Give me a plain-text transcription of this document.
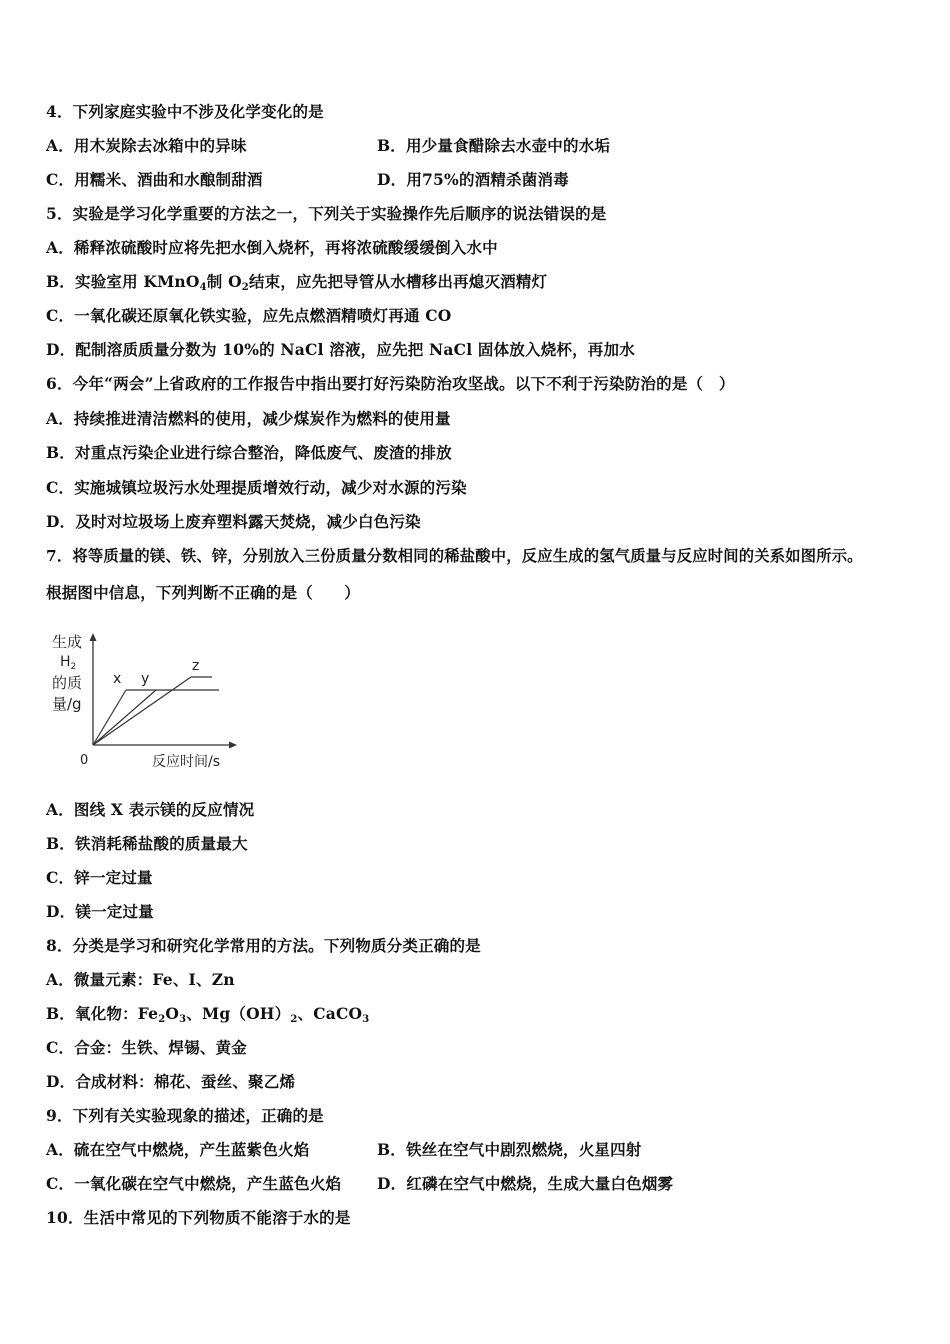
4．下列家庭实验中不涉及化学变化的是
A．用木炭除去冰箱中的异味	B．用少量食醋除去水壶中的水垢
C．用糯米、酒曲和水酿制甜酒	D．用75%的酒精杀菌消毒
5．实验是学习化学重要的方法之一，下列关于实验操作先后顺序的说法错误的是
A．稀释浓硫酸时应将先把水倒入烧杯，再将浓硫酸缓缓倒入水中
B．实验室用 KMnO$_4$制 $O_2$结束，应先把导管从水槽移出再熄灭酒精灯
C．一氧化碳还原氧化铁实验，应先点燃酒精喷灯再通 CO
D．配制溶质质量分数为 10%的 NaCl 溶液，应先把 NaCl 固体放入烧杯，再加水
6．今年“两会”上省政府的工作报告中指出要打好污染防治攻坚战。以下不利于污染防治的是（　）
A．持续推进清洁燃料的使用，减少煤炭作为燃料的使用量
B．对重点污染企业进行综合整治，降低废气、废渣的排放
C．实施城镇垃圾污水处理提质增效行动，减少对水源的污染
D．及时对垃圾场上废弃塑料露天焚烧，减少白色污染
7．将等质量的镁、铁、锌，分别放入三份质量分数相同的稀盐酸中，反应生成的氢气质量与反应时间的关系如图所示。
根据图中信息，下列判断不正确的是（　　）
生成
$H_2$
的质
量/g
x y
z
0	反应时间/s
A．图线 X 表示镁的反应情况
B．铁消耗稀盐酸的质量最大
C．锌一定过量
D．镁一定过量
8．分类是学习和研究化学常用的方法。下列物质分类正确的是
A．微量元素：Fe、I、Zn
B．氧化物：$Fe_2O_3$、$Mg(OH)_2$、CaCO$_3$
C．合金：生铁、焊锡、黄金
D．合成材料：棉花、蚕丝、聚乙烯
9．下列有关实验现象的描述，正确的是
A．硫在空气中燃烧，产生蓝紫色火焰	B．铁丝在空气中剧烈燃烧，火星四射
C．一氧化碳在空气中燃烧，产生蓝色火焰 D．红磷在空气中燃烧，生成大量白色烟雾
10．生活中常见的下列物质不能溶于水的是
